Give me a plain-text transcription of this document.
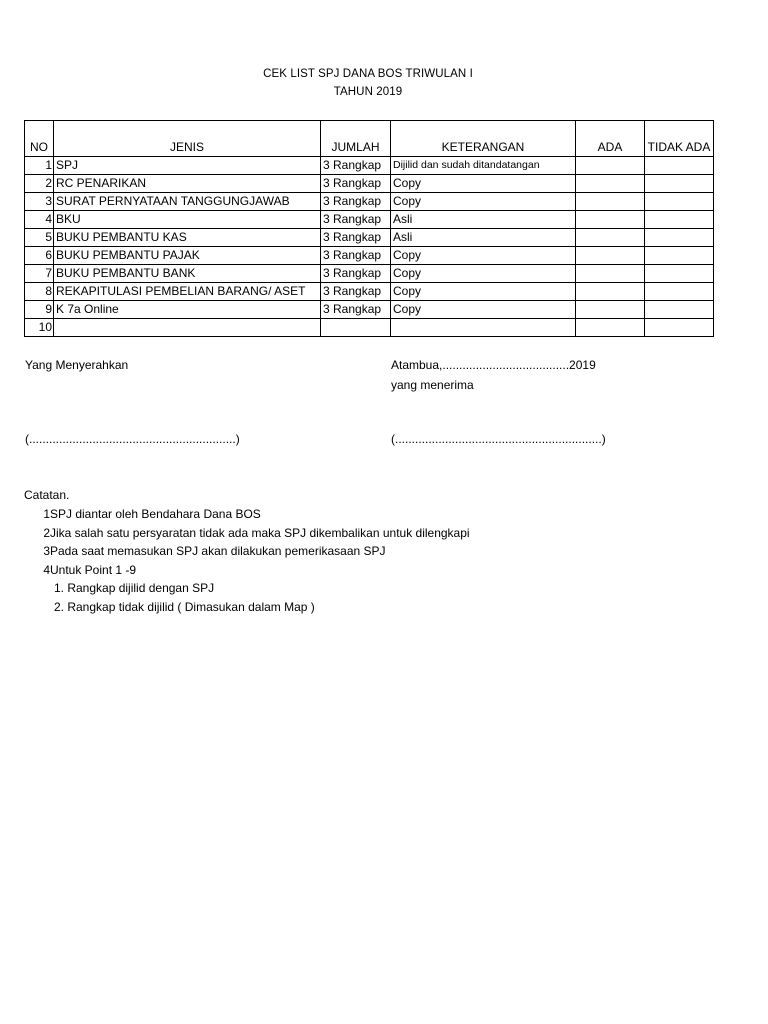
CEK LIST SPJ DANA BOS TRIWULAN I
TAHUN 2019
NO	JENIS	JUMLAH	KETERANGAN	ADA	TIDAK ADA
1	SPJ	3 Rangkap	Dijilid dan sudah ditandatangan		
2	RC PENARIKAN	3 Rangkap	Copy		
3	SURAT PERNYATAAN TANGGUNGJAWAB	3 Rangkap	Copy		
4	BKU	3 Rangkap	Asli		
5	BUKU PEMBANTU KAS	3 Rangkap	Asli		
6	BUKU PEMBANTU PAJAK	3 Rangkap	Copy		
7	BUKU PEMBANTU BANK	3 Rangkap	Copy		
8	REKAPITULASI PEMBELIAN BARANG/ ASET	3 Rangkap	Copy		
9	K 7a Online	3 Rangkap	Copy		
10					
Yang Menyerahkan	Atambua,......................................2019
yang menerima
(..............................................................)	(..............................................................)
Catatan.
1SPJ diantar oleh Bendahara Dana BOS
2Jika salah satu persyaratan tidak ada maka SPJ dikembalikan untuk dilengkapi
3Pada saat memasukan SPJ akan dilakukan pemerikasaan SPJ
4Untuk Point 1 -9
1. Rangkap dijilid dengan SPJ
2. Rangkap tidak dijilid ( Dimasukan dalam Map )
